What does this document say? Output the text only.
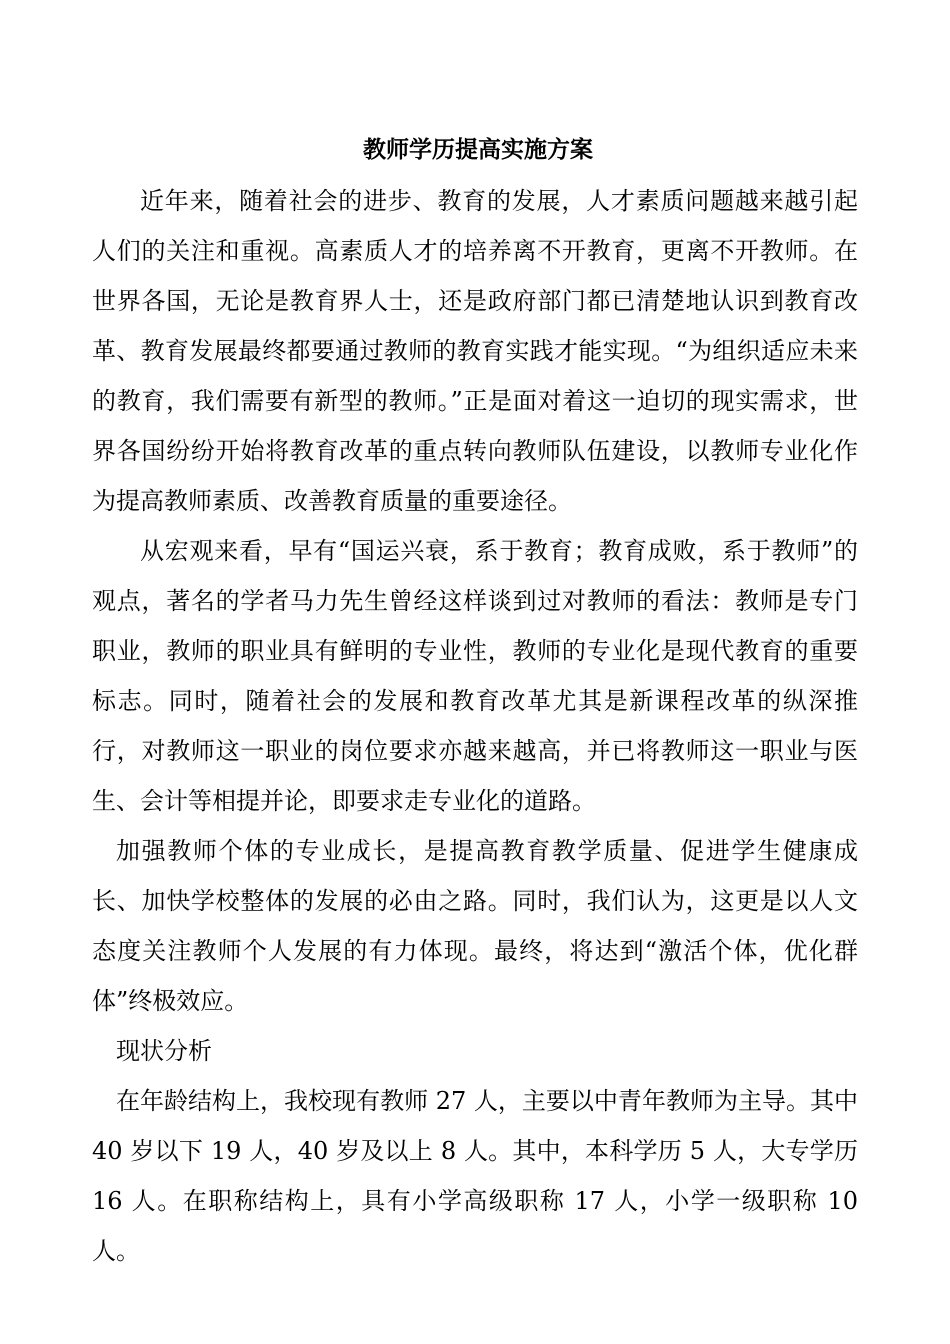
教师学历提高实施方案

近年来，随着社会的进步、教育的发展，人才素质问题越来越引起人们的关注和重视。高素质人才的培养离不开教育，更离不开教师。在世界各国，无论是教育界人士，还是政府部门都已清楚地认识到教育改革、教育发展最终都要通过教师的教育实践才能实现。“为组织适应未来的教育，我们需要有新型的教师。”正是面对着这一迫切的现实需求，世界各国纷纷开始将教育改革的重点转向教师队伍建设，以教师专业化作为提高教师素质、改善教育质量的重要途径。

从宏观来看，早有“国运兴衰，系于教育；教育成败，系于教师”的观点，著名的学者马力先生曾经这样谈到过对教师的看法：教师是专门职业，教师的职业具有鲜明的专业性，教师的专业化是现代教育的重要标志。同时，随着社会的发展和教育改革尤其是新课程改革的纵深推行，对教师这一职业的岗位要求亦越来越高，并已将教师这一职业与医生、会计等相提并论，即要求走专业化的道路。

加强教师个体的专业成长，是提高教育教学质量、促进学生健康成长、加快学校整体的发展的必由之路。同时，我们认为，这更是以人文态度关注教师个人发展的有力体现。最终，将达到“激活个体，优化群体”终极效应。

现状分析

在年龄结构上，我校现有教师 27 人，主要以中青年教师为主导。其中 40 岁以下 19 人，40 岁及以上 8 人。其中，本科学历 5 人，大专学历 16 人。在职称结构上，具有小学高级职称 17 人，小学一级职称 10 人。
